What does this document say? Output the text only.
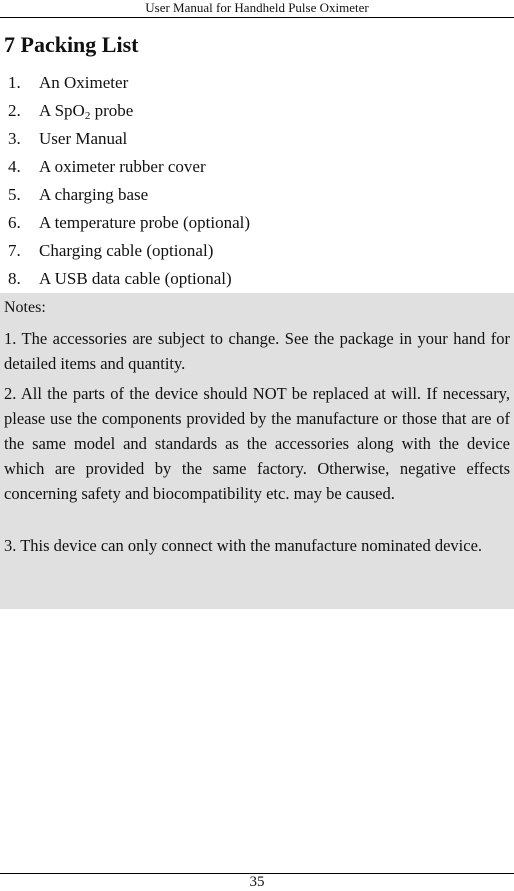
User Manual for Handheld Pulse Oximeter
7 Packing List
1.	An Oximeter
2.	A SpO$_2$ probe
3.	User Manual
4.	A oximeter rubber cover
5.	A charging base
6.	A temperature probe (optional)
7.	Charging cable (optional)
8.	A USB data cable (optional)
Notes:

1. The accessories are subject to change. See the package in your hand for detailed items and quantity.

2. All the parts of the device should NOT be replaced at will. If necessary, please use the components provided by the manufacture or those that are of the same model and standards as the accessories along with the device which are provided by the same factory. Otherwise, negative effects concerning safety and biocompatibility etc. may be caused.

3. This device can only connect with the manufacture nominated device.

35
